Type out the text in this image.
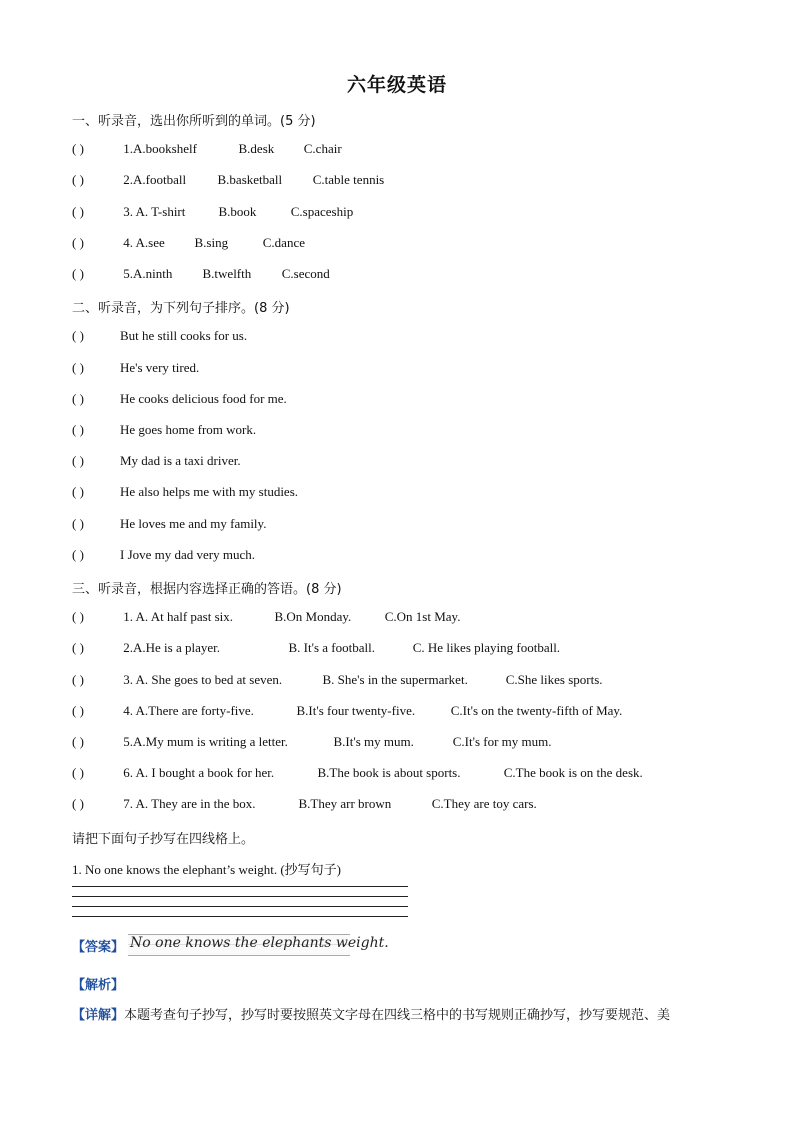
六年级英语
一、听录音，选出你所听到的单词。(5 分)
( )	1.A.bookshelf	B.desk C.chair
( )	2.A.football B.basketball C.table tennis
( )	3. A. T-shirt	B.book	C.spaceship
( )	4. A.see B.sing	C.dance
( )	5.A.ninth B.twelfth C.second
二、听录音，为下列句子排序。(8 分)
( )	But he still cooks for us.
( )	He's very tired.
( )	He cooks delicious food for me.
( )	He goes home from work.
( )	My dad is a taxi driver.
( )	He also helps me with my studies.
( )	He loves me and my family.
( )	I Jove my dad very much.
三、听录音，根据内容选择正确的答语。(8 分)
( )	1. A. At half past six.	B.On Monday.	C.On 1st May.
( )	2.A.He is a player.	B. It's a football.	C. He likes playing football.
( )	3. A. She goes to bed at seven.	B. She's in the supermarket.	C.She likes sports.
( )	4. A.There are forty-five.	B.It's four twenty-five.	C.It's on the twenty-fifth of May.
( )	5.A.My mum is writing a letter.	B.It's my mum.	C.It's for my mum.
( )	6. A. I bought a book for her.	B.The book is about sports.	C.The book is on the desk.
( )	7. A. They are in the box.	B.They arr brown	C.They are toy cars.
请把下面句子抄写在四线格上。
1. No one knows the elephant’s weight. (抄写句子)
【答案】 No one knows the elephants weight.
【解析】
【详解】本题考查句子抄写，抄写时要按照英文字母在四线三格中的书写规则正确抄写，抄写要规范、美
